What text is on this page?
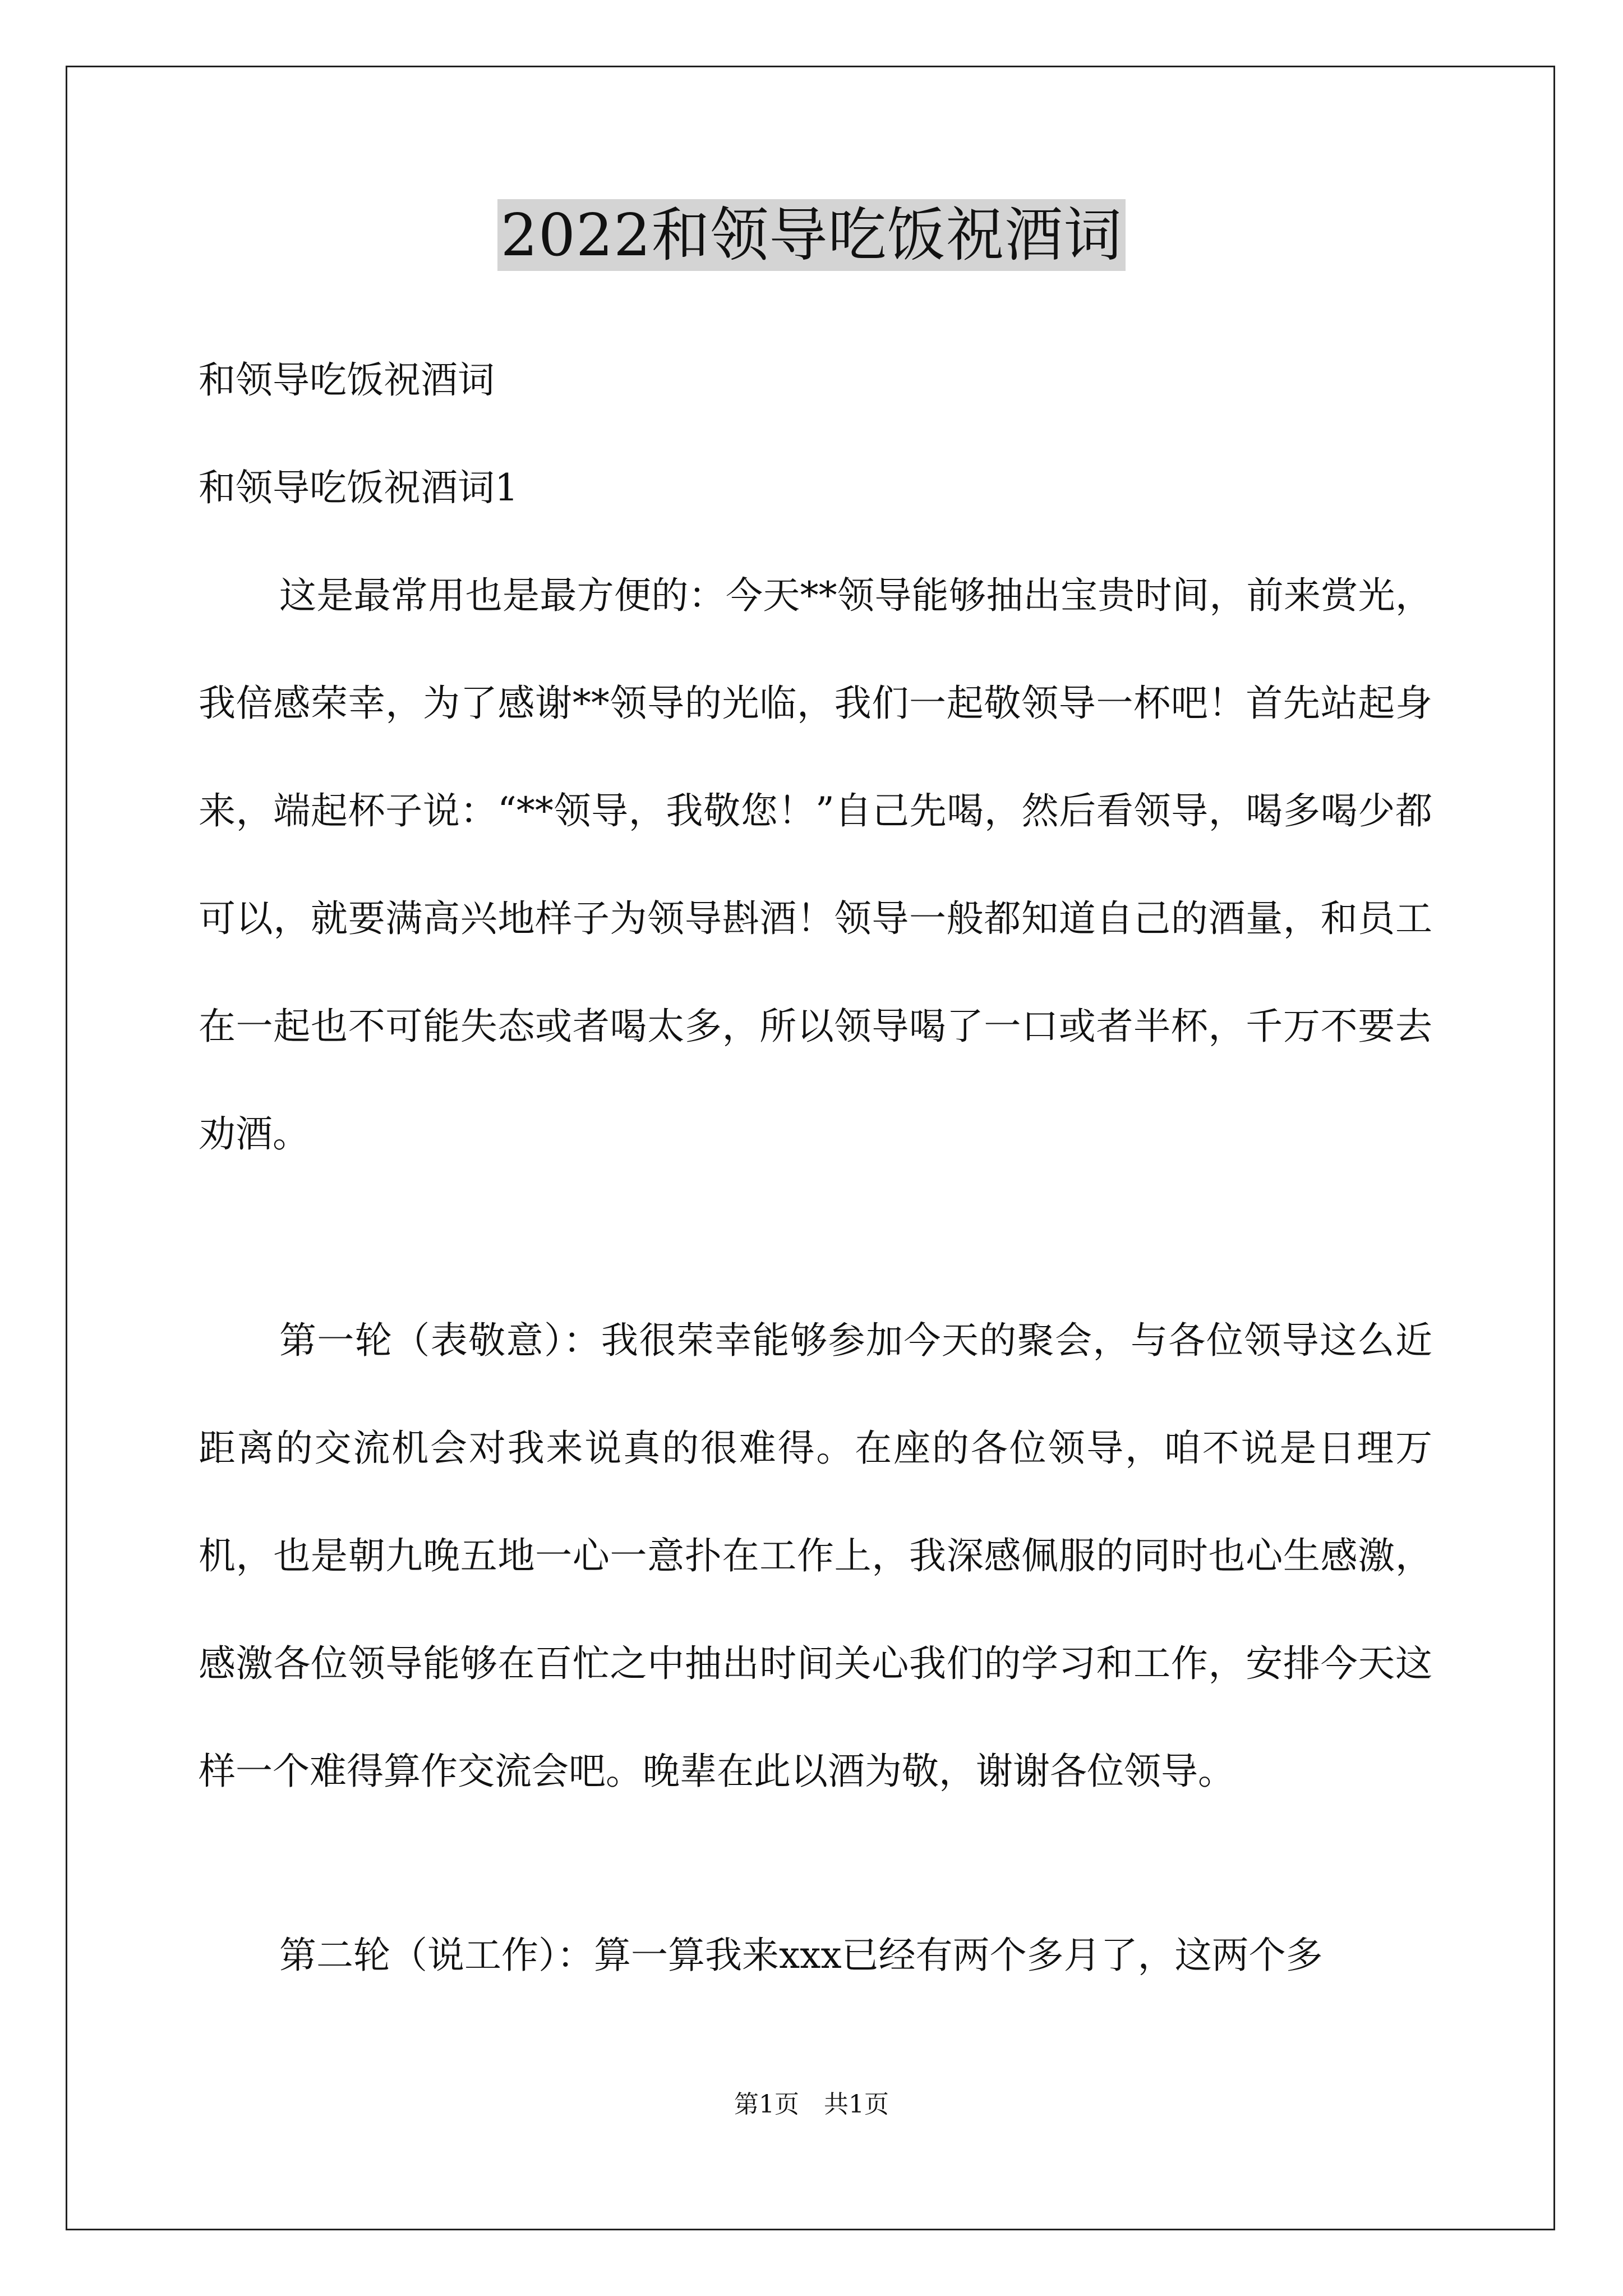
2022和领导吃饭祝酒词
和领导吃饭祝酒词
和领导吃饭祝酒词1

这是最常用也是最方便的：今天**领导能够抽出宝贵时间，前来赏光，我倍感荣幸，为了感谢**领导的光临，我们一起敬领导一杯吧！首先站起身来，端起杯子说：“**领导，我敬您！”自己先喝，然后看领导，喝多喝少都可以，就要满高兴地样子为领导斟酒！领导一般都知道自己的酒量，和员工在一起也不可能失态或者喝太多，所以领导喝了一口或者半杯，千万不要去劝酒。

第一轮（表敬意）：我很荣幸能够参加今天的聚会，与各位领导这么近距离的交流机会对我来说真的很难得。在座的各位领导，咱不说是日理万机，也是朝九晚五地一心一意扑在工作上，我深感佩服的同时也心生感激，感激各位领导能够在百忙之中抽出时间关心我们的学习和工作，安排今天这样一个难得算作交流会吧。晚辈在此以酒为敬，谢谢各位领导。

第二轮（说工作）：算一算我来xxx已经有两个多月了，这两个多

第1页　共1页
